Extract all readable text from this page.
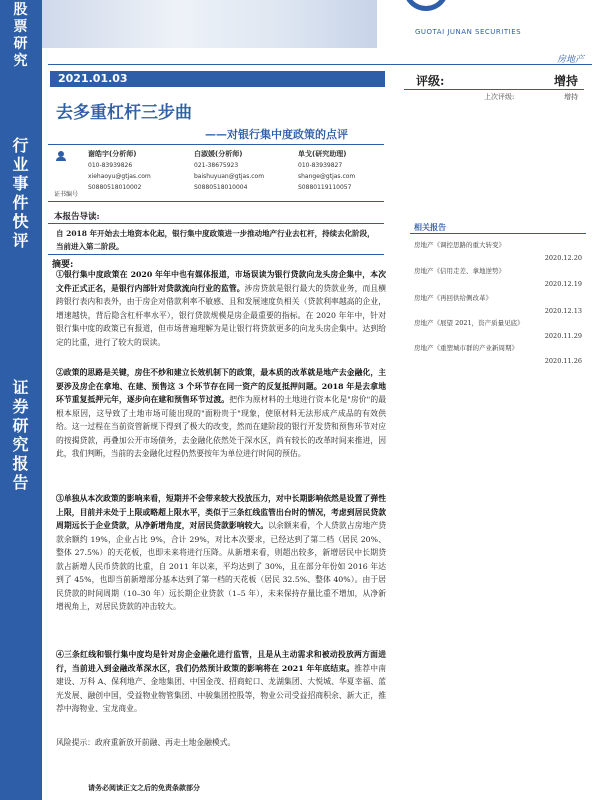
股
票
研
究
行
业
事
件
快
评
证
券
研
究
报
告
GUOTAI JUNAN SECURITIES
房地产
2021.01.03
去多重杠杆三步曲
——对银行集中度政策的点评
评级:	增持
上次评级:	增持
证书编号
谢皓宇(分析师)
010-83939826
xiehaoyu@gtjas.com
S0880518010002
白淑媛(分析师)
021-38675923
baishuyuan@gtjas.com
S0880518010004
单戈(研究助理)
010-83939827
shange@gtjas.com
S0880119110057
本报告导读:
自 2018 年开始去土地资本化起，银行集中度政策进一步推动地产行业去杠杆，持续去化阶段，当前进入第二阶段。
摘要:
①银行集中度政策在 2020 年年中也有媒体报道，市场误读为银行贷款向龙头房企集中，本次文件正式正名，是银行内部针对贷款流向行业的监管。涉房贷款是银行最大的贷款业务，而且横跨银行表内和表外，由于房企对借款利率不敏感、且和发展速度负相关（贷款利率越高的企业，增速越快，背后隐含杠杆率水平），银行贷款规模是房企最重要的指标。在 2020 年年中，针对银行集中度的政策已有报道，但市场普遍理解为是让银行将贷款更多的向龙头房企集中。达到给定的比重，进行了较大的误读。
②政策的思路是关键，房住不炒和建立长效机制下的政策，最本质的改革就是地产去金融化，主要涉及房企在拿地、在建、预售这 3 个环节存在同一资产的反复抵押问题。2018 年是去拿地环节重复抵押元年，逐步向在建和预售环节过渡。把作为原材料的土地进行资本化是"房价"的最根本原因，这导致了土地市场可能出现的"面粉贵于"现象，使原材料无法形成产成品的有效供给。这一过程在当前资管新规下得到了极大的改变，然而在建阶段的银行开发贷和预售环节对应的按揭贷款，再叠加公开市场债务，去金融化依然处于深水区，尚有较长的改革时间来推进，因此，我们判断，当前的去金融化过程仍然要按年为单位进行时间的预估。
③单独从本次政策的影响来看，短期并不会带来较大投放压力，对中长期影响依然是设置了弹性上限，目前并未处于上限或略超上限水平，类似于三条红线监管出台时的情况，考虑到居民贷款周期远长于企业贷款，从净新增角度，对居民贷款影响较大。以余额来看，个人贷款占房地产贷款余额约 19%，企业占比 9%，合计 29%，对比本次要求，已经达到了第二档（居民 20%、整体 27.5%）的天花板，也即未来将进行压降。从新增来看，则超出较多，新增居民中长期贷款占新增人民币贷款的比重，自 2011 年以来，平均达到了 30%，且在部分年份如 2016 年达到了 45%，也即当前新增部分基本达到了第一档的天花板（居民 32.5%、整体 40%）。由于居民贷款的时间周期（10–30 年）远长期企业贷款（1–5 年），未来保持存量比重不增加，从净新增视角上，对居民贷款的冲击较大。
④三条红线和银行集中度均是针对房企金融化进行监管，且是从主动需求和被动投放两方面进行，当前进入到金融改革深水区，我们仍然预计政策的影响将在 2021 年年底结束。推荐中南建设、万科 A、保利地产、金地集团、中国金茂、招商蛇口、龙湖集团、大悦城、华夏幸福、蓝光发展、融创中国，受益物业物管集团、中骏集团控股等，物业公司受益招商积余、新大正，推荐中海物业、宝龙商业。
风险提示：政府重新放开前融、再走土地金融模式。
请务必阅读正文之后的免责条款部分
相关报告
房地产《调控思路的重大转变》
2020.12.20
房地产《信用走差、拿地逆势》
2020.12.19
房地产《再回供给侧改革》
2020.12.13
房地产《展望 2021，资产质量见底》
2020.11.29
房地产《重塑城市群的产业新周期》
2020.11.26
